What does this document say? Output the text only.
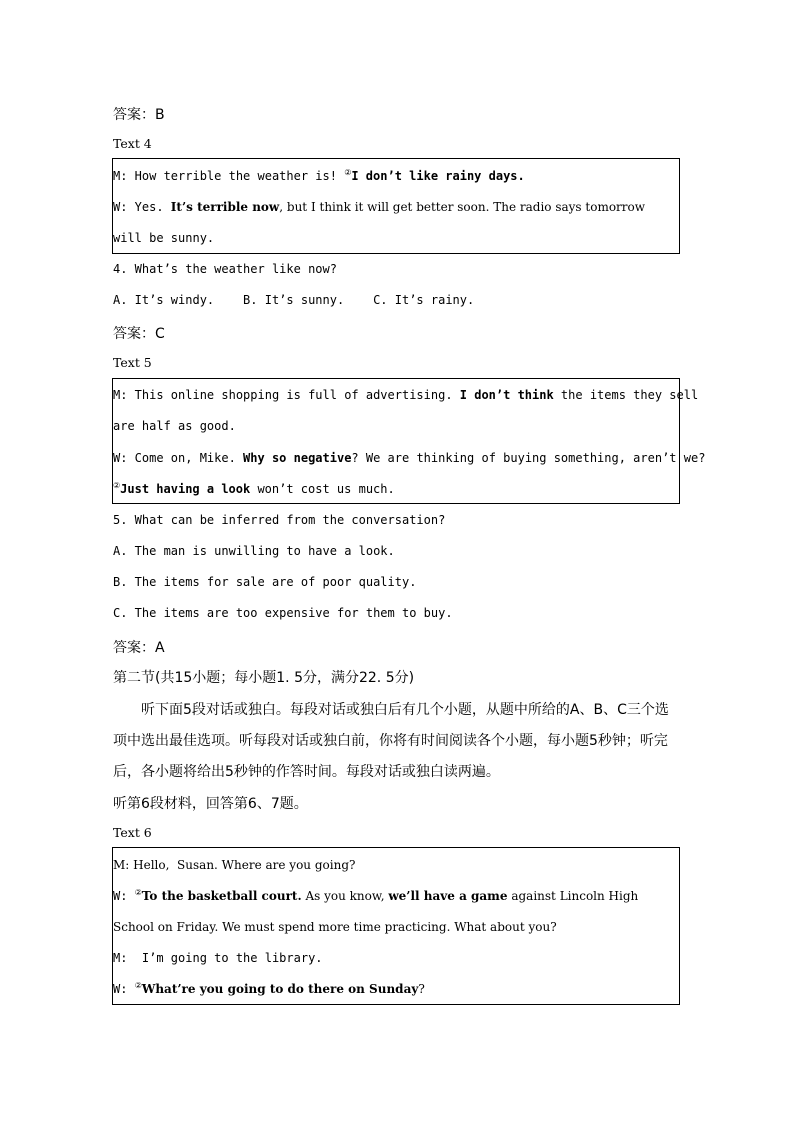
答案：B
Text 4
M: How terrible the weather is! ②I don’t like rainy days.
W: Yes. It’s terrible now, but I think it will get better soon. The radio says tomorrow
will be sunny.
4. What’s the weather like now?
A. It’s windy.    B. It’s sunny.    C. It’s rainy.
答案：C
Text 5
M: This online shopping is full of advertising. I don’t think the items they sell
are half as good.
W: Come on, Mike. Why so negative? We are thinking of buying something, aren’t we?
②Just having a look won’t cost us much.
5. What can be inferred from the conversation?
A. The man is unwilling to have a look.
B. The items for sale are of poor quality.
C. The items are too expensive for them to buy.
答案：A
第二节(共15小题；每小题1. 5分，满分22. 5分)
听下面5段对话或独白。每段对话或独白后有几个小题，从题中所给的A、B、C三个选
项中选出最佳选项。听每段对话或独白前，你将有时间阅读各个小题，每小题5秒钟；听完
后，各小题将给出5秒钟的作答时间。每段对话或独白读两遍。
听第6段材料，回答第6、7题。
Text 6
M: Hello,  Susan. Where are you going?
W: ②To the basketball court. As you know, we’ll have a game against Lincoln High
School on Friday. We must spend more time practicing. What about you?
M:  I’m going to the library.
W: ②What’re you going to do there on Sunday?
